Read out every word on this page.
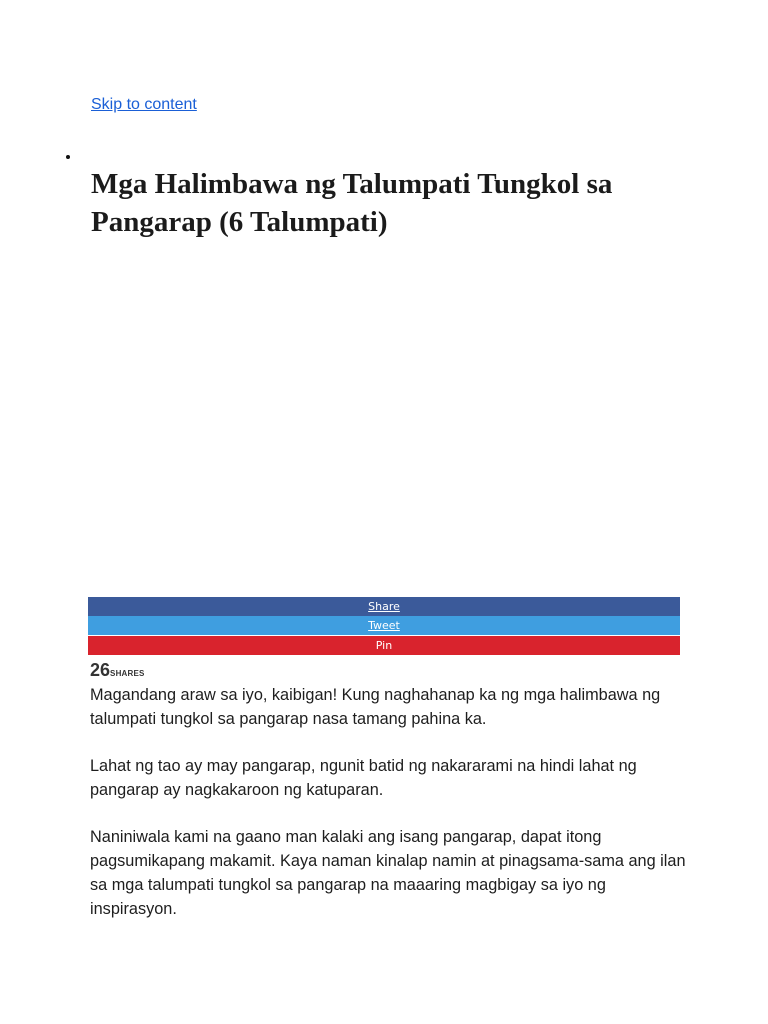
Skip to content
Mga Halimbawa ng Talumpati Tungkol sa Pangarap (6 Talumpati)
Share
Tweet
Pin
26SHARES

Magandang araw sa iyo, kaibigan! Kung naghahanap ka ng mga halimbawa ng talumpati tungkol sa pangarap nasa tamang pahina ka.

Lahat ng tao ay may pangarap, ngunit batid ng nakararami na hindi lahat ng pangarap ay nagkakaroon ng katuparan.

Naniniwala kami na gaano man kalaki ang isang pangarap, dapat itong pagsumikapang makamit. Kaya naman kinalap namin at pinagsama-sama ang ilan sa mga talumpati tungkol sa pangarap na maaaring magbigay sa iyo ng inspirasyon.
